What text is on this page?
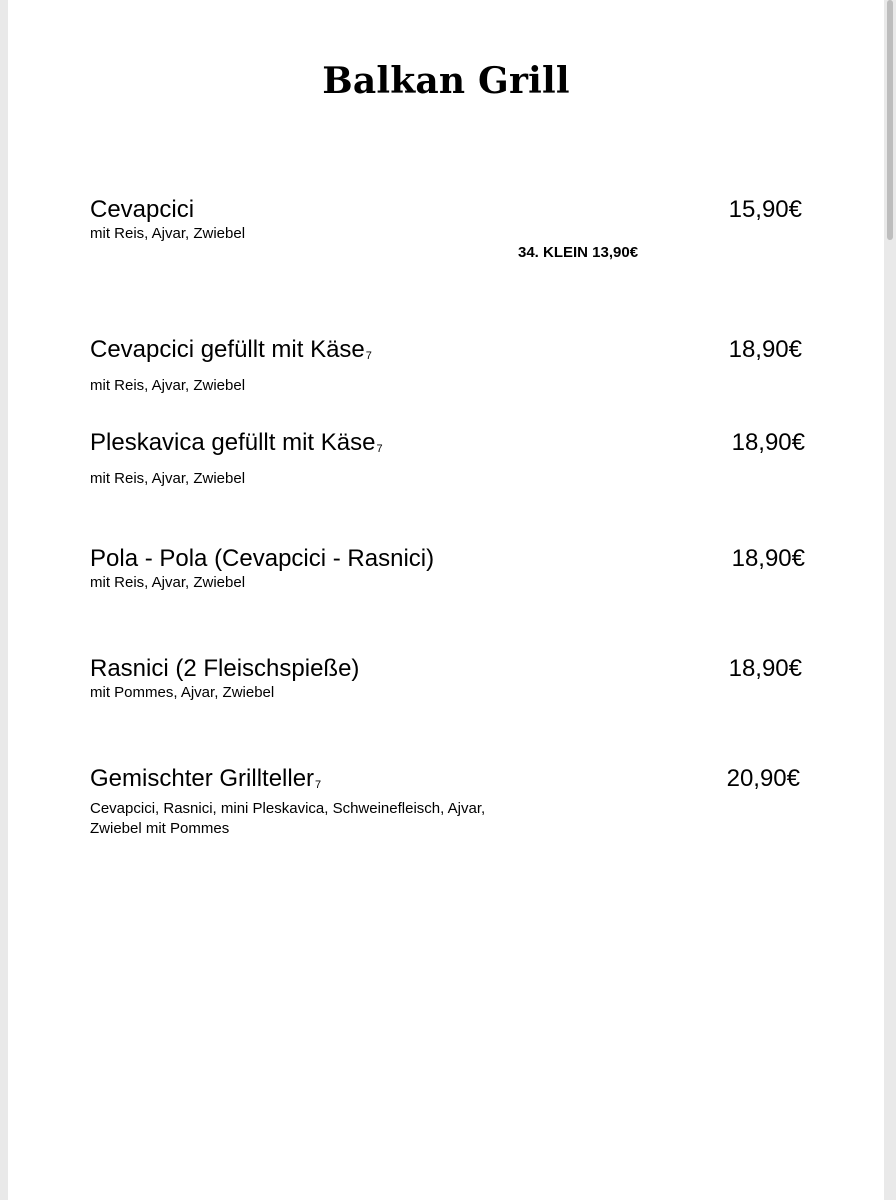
Balkan Grill
Cevapcici
mit Reis, Ajvar, Zwiebel
15,90€
34. KLEIN 13,90€
Cevapcici gefüllt mit Käse7
mit Reis, Ajvar, Zwiebel
18,90€
Pleskavica gefüllt mit Käse7
mit Reis, Ajvar, Zwiebel
18,90€
Pola - Pola (Cevapcici - Rasnici)
mit Reis, Ajvar, Zwiebel
18,90€
Rasnici (2 Fleischspieße)
mit Pommes, Ajvar, Zwiebel
18,90€
Gemischter Grillteller7
Cevapcici, Rasnici, mini Pleskavica, Schweinefleisch, Ajvar,
Zwiebel mit Pommes
20,90€
